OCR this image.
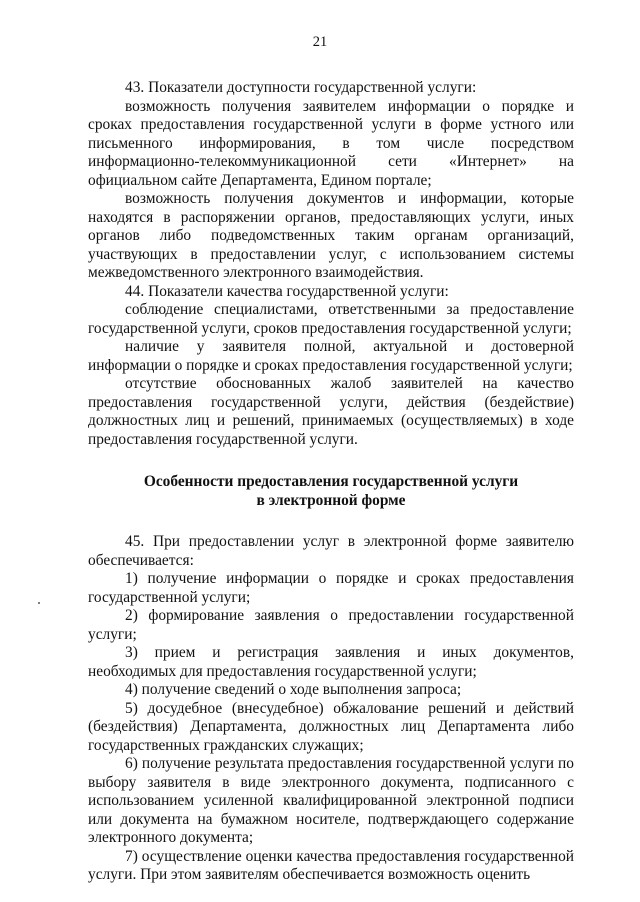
21

43. Показатели доступности государственной услуги:

возможность получения заявителем информации о порядке и сроках предоставления государственной услуги в форме устного или письменного информирования, в том числе посредством информационно-телекоммуникационной сети «Интернет» на официальном сайте Департамента, Едином портале;

возможность получения документов и информации, которые находятся в распоряжении органов, предоставляющих услуги, иных органов либо подведомственных таким органам организаций, участвующих в предоставлении услуг, с использованием системы межведомственного электронного взаимодействия.

44. Показатели качества государственной услуги:

соблюдение специалистами, ответственными за предоставление государственной услуги, сроков предоставления государственной услуги;

наличие у заявителя полной, актуальной и достоверной информации о порядке и сроках предоставления государственной услуги;

отсутствие обоснованных жалоб заявителей на качество предоставления государственной услуги, действия (бездействие) должностных лиц и решений, принимаемых (осуществляемых) в ходе предоставления государственной услуги.

Особенности предоставления государственной услуги
в электронной форме

45. При предоставлении услуг в электронной форме заявителю обеспечивается:

1) получение информации о порядке и сроках предоставления государственной услуги;

2) формирование заявления о предоставлении государственной услуги;

3) прием и регистрация заявления и иных документов, необходимых для предоставления государственной услуги;

4) получение сведений о ходе выполнения запроса;

5) досудебное (внесудебное) обжалование решений и действий (бездействия) Департамента, должностных лиц Департамента либо государственных гражданских служащих;

6) получение результата предоставления государственной услуги по выбору заявителя в виде электронного документа, подписанного с использованием усиленной квалифицированной электронной подписи или документа на бумажном носителе, подтверждающего содержание электронного документа;

7) осуществление оценки качества предоставления государственной услуги. При этом заявителям обеспечивается возможность оценить
